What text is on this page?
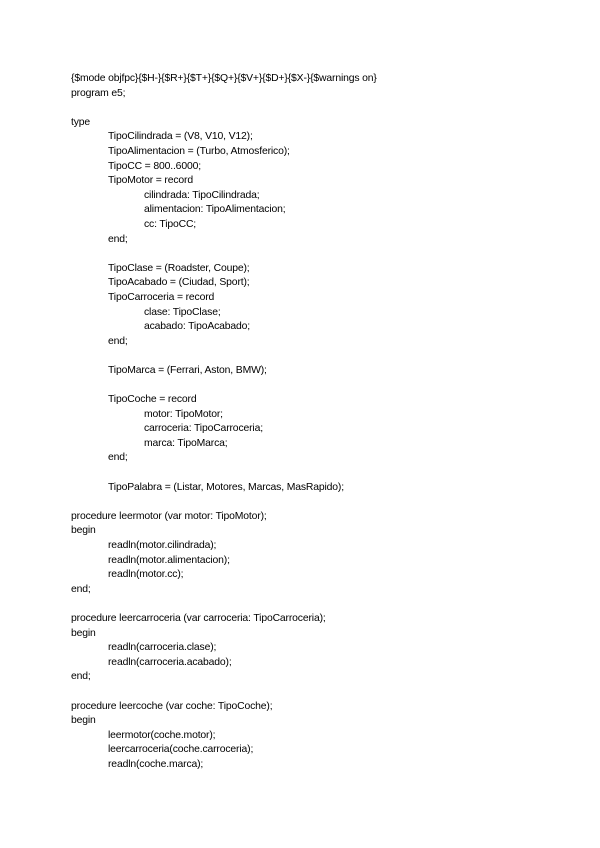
{$mode objfpc}{$H-}{$R+}{$T+}{$Q+}{$V+}{$D+}{$X-}{$warnings on}
program e5;
type
TipoCilindrada = (V8, V10, V12);
TipoAlimentacion = (Turbo, Atmosferico);
TipoCC = 800..6000;
TipoMotor = record
cilindrada: TipoCilindrada;
alimentacion: TipoAlimentacion;
cc: TipoCC;
end;
TipoClase = (Roadster, Coupe);
TipoAcabado = (Ciudad, Sport);
TipoCarroceria = record
clase: TipoClase;
acabado: TipoAcabado;
end;
TipoMarca = (Ferrari, Aston, BMW);
TipoCoche = record
motor: TipoMotor;
carroceria: TipoCarroceria;
marca: TipoMarca;
end;
TipoPalabra = (Listar, Motores, Marcas, MasRapido);
procedure leermotor (var motor: TipoMotor);
begin
readln(motor.cilindrada);
readln(motor.alimentacion);
readln(motor.cc);
end;
procedure leercarroceria (var carroceria: TipoCarroceria);
begin
readln(carroceria.clase);
readln(carroceria.acabado);
end;
procedure leercoche (var coche: TipoCoche);
begin
leermotor(coche.motor);
leercarroceria(coche.carroceria);
readln(coche.marca);
